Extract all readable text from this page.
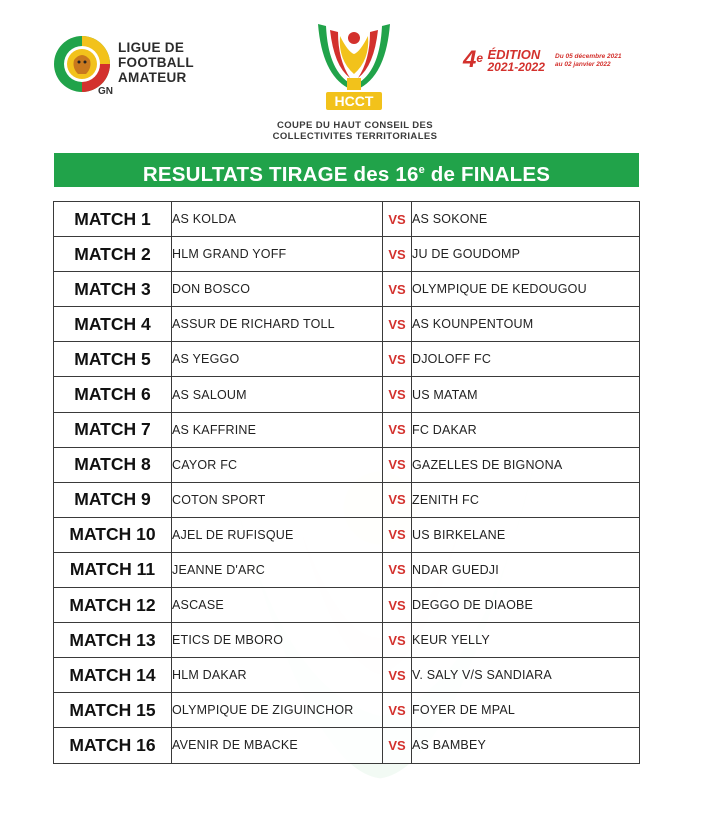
LIGUE DE
FOOTBALL
AMATEUR
GN
HCCT
COUPE DU HAUT CONSEIL DES
COLLECTIVITES TERRITORIALES
4e ÉDITION
2021-2022
Du 05 décembre 2021
au 02 janvier 2022
RESULTATS TIRAGE des 16e de FINALES
MATCH 1	AS KOLDA	VS	AS SOKONE
MATCH 2	HLM GRAND YOFF	VS	JU DE GOUDOMP
MATCH 3	DON BOSCO	VS	OLYMPIQUE DE KEDOUGOU
MATCH 4	ASSUR DE RICHARD TOLL	VS	AS KOUNPENTOUM
MATCH 5	AS YEGGO	VS	DJOLOFF FC
MATCH 6	AS SALOUM	VS	US MATAM
MATCH 7	AS KAFFRINE	VS	FC DAKAR
MATCH 8	CAYOR FC	VS	GAZELLES DE BIGNONA
MATCH 9	COTON SPORT	VS	ZENITH FC
MATCH 10	AJEL DE RUFISQUE	VS	US BIRKELANE
MATCH 11	JEANNE D'ARC	VS	NDAR GUEDJI
MATCH 12	ASCASE	VS	DEGGO DE DIAOBE
MATCH 13	ETICS DE MBORO	VS	KEUR YELLY
MATCH 14	HLM DAKAR	VS	V. SALY V/S SANDIARA
MATCH 15	OLYMPIQUE DE ZIGUINCHOR	VS	FOYER DE MPAL
MATCH 16	AVENIR DE MBACKE	VS	AS BAMBEY
